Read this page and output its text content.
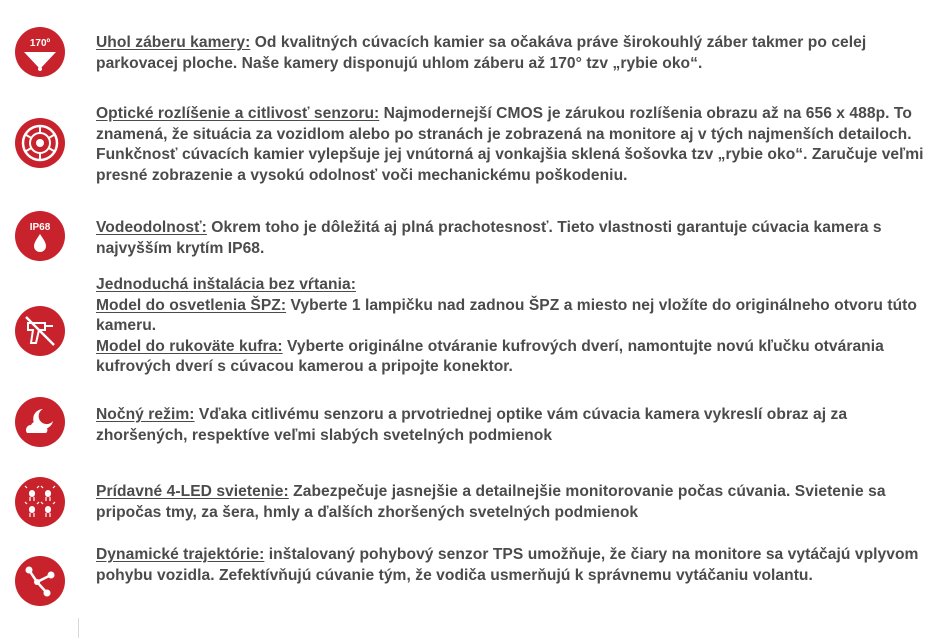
170º	Uhol záberu kamery: Od kvalitných cúvacích kamier sa očakáva práve širokouhlý záber takmer po celej parkovacej ploche. Naše kamery disponujú uhlom záberu až 170° tzv „rybie oko“.

Optické rozlíšenie a citlivosť senzoru: Najmodernejší CMOS je zárukou rozlíšenia obrazu až na 656 x 488p. To znamená, že situácia za vozidlom alebo po stranách je zobrazená na monitore aj v tých najmenších detailoch. Funkčnosť cúvacích kamier vylepšuje jej vnútorná aj vonkajšia sklená šošovka tzv „rybie oko“. Zaručuje veľmi presné zobrazenie a vysokú odolnosť voči mechanickému poškodeniu.

IP68	Vodeodolnosť: Okrem toho je dôležitá aj plná prachotesnosť. Tieto vlastnosti garantuje cúvacia kamera s najvyšším krytím IP68.

Jednoduchá inštalácia bez vŕtania:

Model do osvetlenia ŠPZ: Vyberte 1 lampičku nad zadnou ŠPZ a miesto nej vložíte do originálneho otvoru túto kameru.

Model do rukoväte kufra: Vyberte originálne otváranie kufrových dverí, namontujte novú kľučku otvárania kufrových dverí s cúvacou kamerou a pripojte konektor.

Nočný režim: Vďaka citlivému senzoru a prvotriednej optike vám cúvacia kamera vykreslí obraz aj za zhoršených, respektíve veľmi slabých svetelných podmienok

Prídavné 4-LED svietenie: Zabezpečuje jasnejšie a detailnejšie monitorovanie počas cúvania. Svietenie sa pripočas tmy, za šera, hmly a ďalších zhoršených svetelných podmienok

Dynamické trajektórie: inštalovaný pohybový senzor TPS umožňuje, že čiary na monitore sa vytáčajú vplyvom pohybu vozidla. Zefektívňujú cúvanie tým, že vodiča usmerňujú k správnemu vytáčaniu volantu.
